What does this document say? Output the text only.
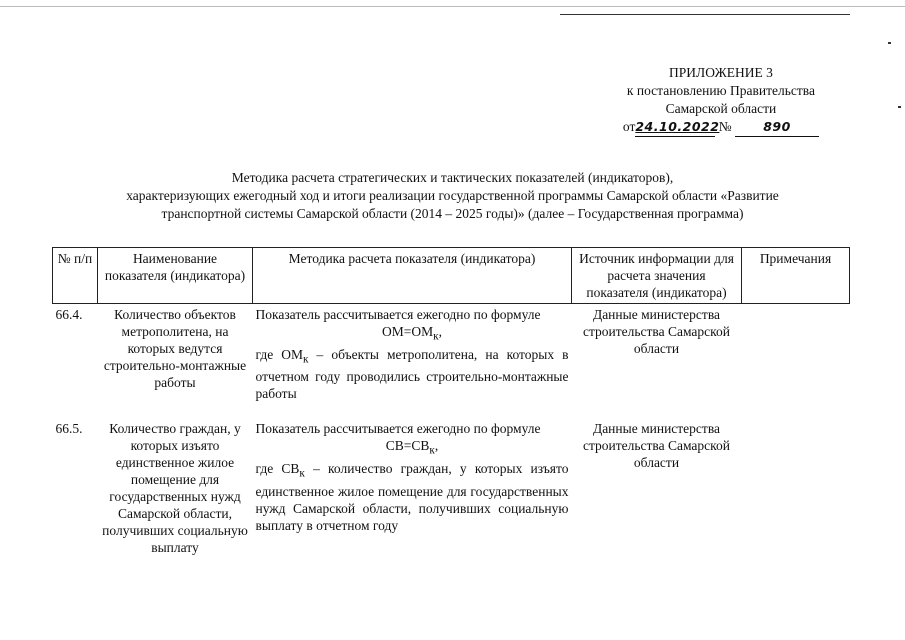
ПРИЛОЖЕНИЕ 3
к постановлению Правительства
Самарской области
от24.10.2022 №	890
Методика расчета стратегических и тактических показателей (индикаторов),
характеризующих ежегодный ход и итоги реализации государственной программы Самарской области «Развитие
транспортной системы Самарской области (2014 – 2025 годы)» (далее – Государственная программа)
№ п/п	Наименование показателя (индикатора)	Методика расчета показателя (индикатора)	Источник информации для расчета значения показателя (индикатора)	Примечания
66.4.	Количество объектов метрополитена, на которых ведутся строительно-монтажные работы	Показатель рассчитывается ежегодно по формуле
$ОМ=ОМ_к$,
где $ОМ_к$ – объекты метрополитена, на которых в отчетном году проводились строительно-монтажные работы	Данные министерства строительства Самарской области	

66.5.	Количество граждан, у которых изъято единственное жилое помещение для государственных нужд Самарской области, получивших социальную выплату	Показатель рассчитывается ежегодно по формуле
$СВ=СВ_к$,
где $СВ_к$ – количество граждан, у которых изъято единственное жилое помещение для государственных нужд Самарской области, получивших социальную выплату в отчетном году	Данные министерства строительства Самарской области	
